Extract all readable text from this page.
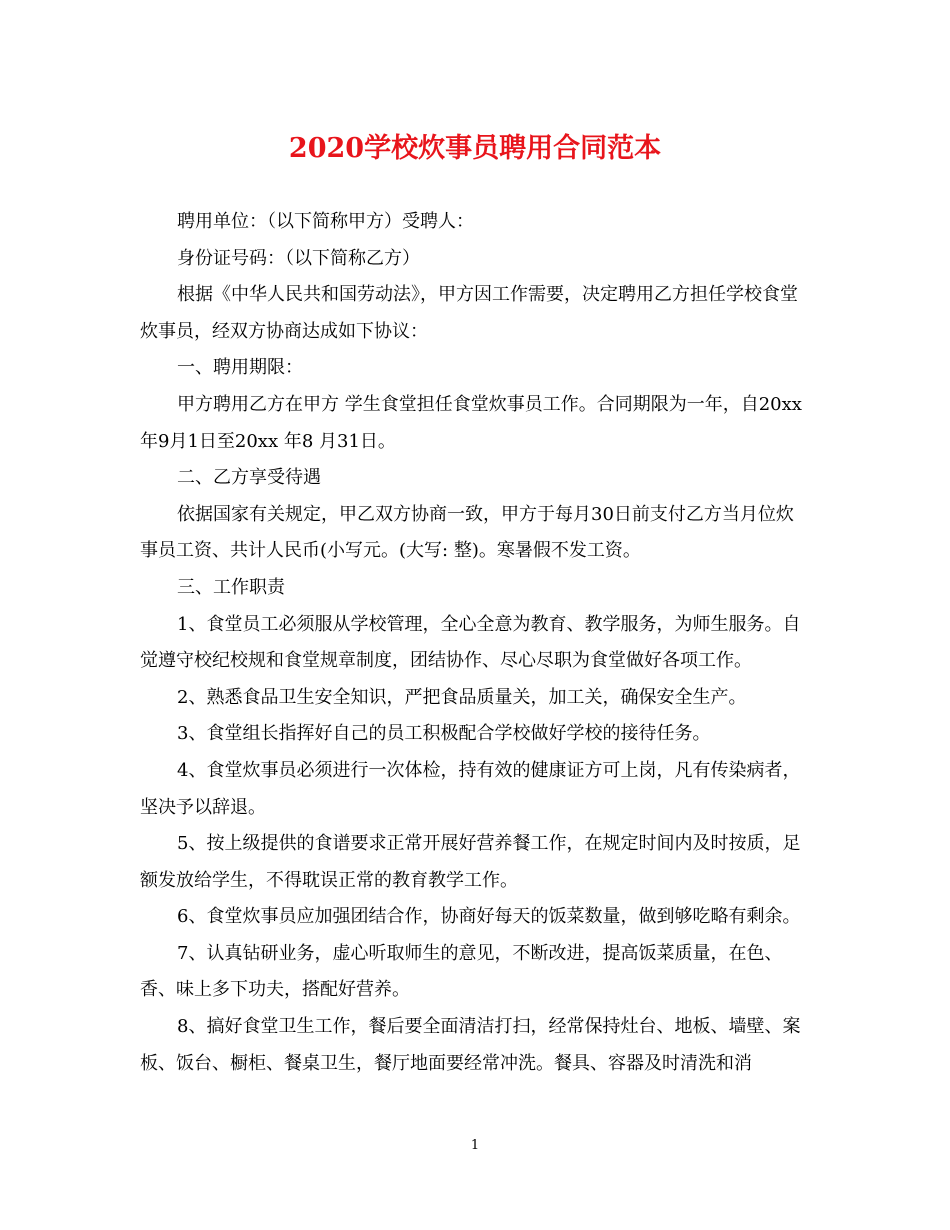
2020学校炊事员聘用合同范本

聘用单位：（以下简称甲方）受聘人：

身份证号码：（以下简称乙方）

根据《中华人民共和国劳动法》，甲方因工作需要，决定聘用乙方担任学校食堂炊事员，经双方协商达成如下协议：

一、聘用期限：

甲方聘用乙方在甲方 学生食堂担任食堂炊事员工作。合同期限为一年，自20xx 年9月1日至20xx 年8 月31日。

二、乙方享受待遇

依据国家有关规定，甲乙双方协商一致，甲方于每月30日前支付乙方当月位炊事员工资、共计人民币(小写元。(大写: 整)。寒暑假不发工资。

三、工作职责

1、食堂员工必须服从学校管理，全心全意为教育、教学服务，为师生服务。自觉遵守校纪校规和食堂规章制度，团结协作、尽心尽职为食堂做好各项工作。

2、熟悉食品卫生安全知识，严把食品质量关，加工关，确保安全生产。

3、食堂组长指挥好自己的员工积极配合学校做好学校的接待任务。

4、食堂炊事员必须进行一次体检，持有效的健康证方可上岗，凡有传染病者，坚决予以辞退。

5、按上级提供的食谱要求正常开展好营养餐工作，在规定时间内及时按质，足额发放给学生，不得耽误正常的教育教学工作。

6、食堂炊事员应加强团结合作，协商好每天的饭菜数量，做到够吃略有剩余。

7、认真钻研业务，虚心听取师生的意见，不断改进，提高饭菜质量，在色、香、味上多下功夫，搭配好营养。

8、搞好食堂卫生工作，餐后要全面清洁打扫，经常保持灶台、地板、墙壁、案板、饭台、橱柜、餐桌卫生，餐厅地面要经常冲洗。餐具、容器及时清洗和消

1
